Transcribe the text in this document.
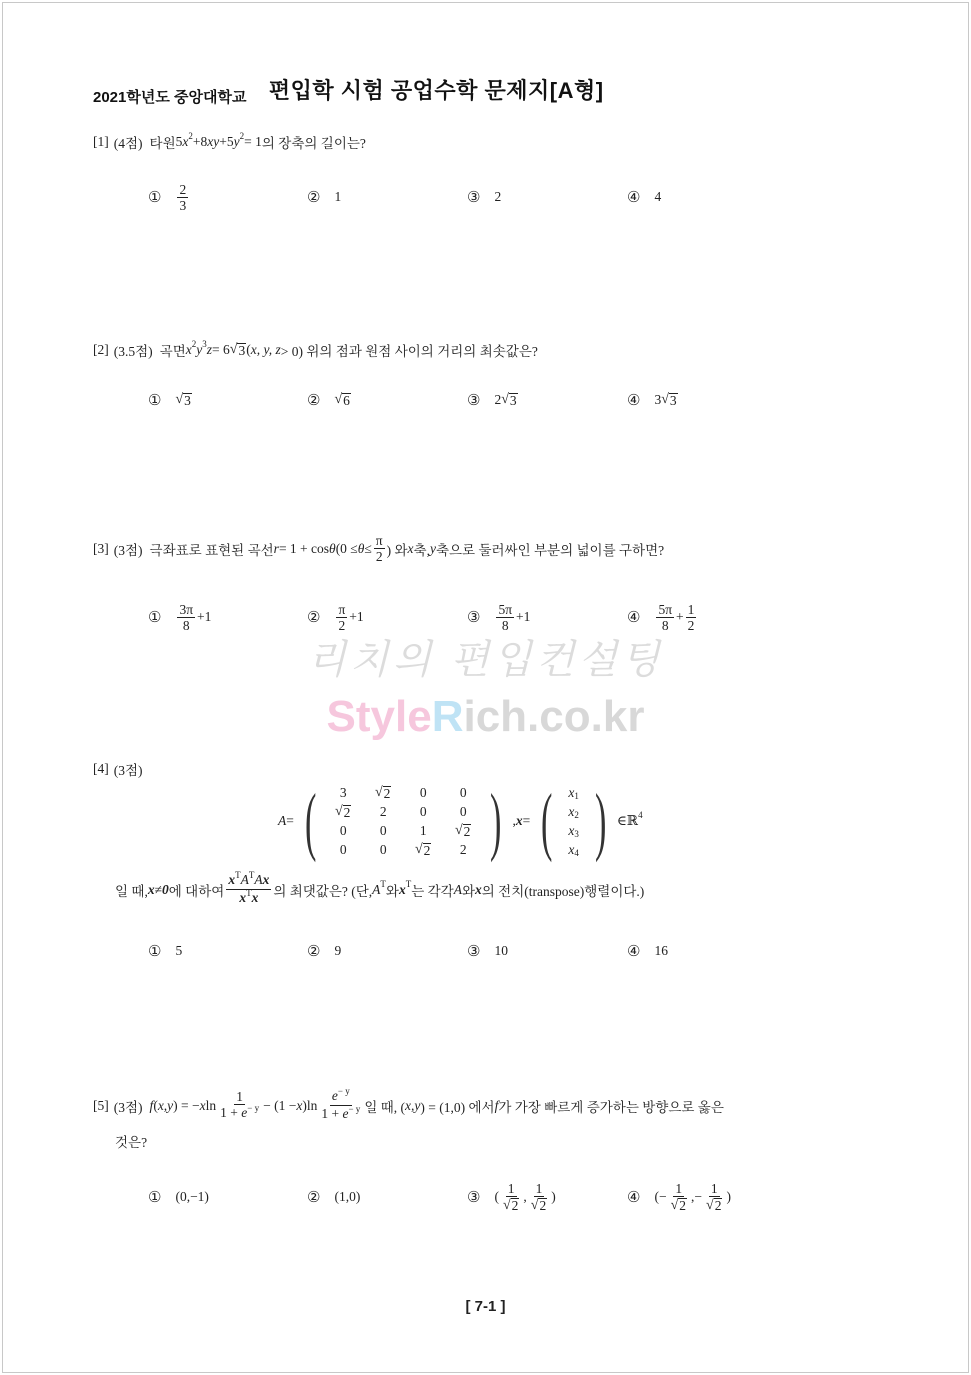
2021학년도 중앙대학교 편입학 시험 공업수학 문제지[A형]
[1] (4점) 타원 5 x 2 +8 xy +5 y 2 = 1 의 장축의 길이는?
① $\frac{2}{3}$	② 1	③ 2	④ 4
[2] (3.5점) 곡면 x 2 y 3 z = 6 √ 3 ( x, y, z > 0) 위의 점과 원점 사이의 거리의 최솟값은?
① √ 3	② √ 6	③ 2 √ 3	④ 3 √ 3
[3] (3점) 극좌표로 표현된 곡선 r = 1 + cos θ ($0 \le \theta \le \frac{\pi}{2}$ ) 와 x 축, y 축으로 둘러싸인 부분의 넓이를 구하면?
① $\frac{3\pi}{8} +1$	② $\frac{\pi}{2} +1$	③ $\frac{5\pi}{8} +1$	④ $\frac{5\pi}{8} + \frac{1}{2}$
리치의 편입컨설팅
StyleRich.co.kr
[4] (3점)
A = ( 3 √ 2 0 0
√ 2 2 0 0
0 0 1 √ 2
0 0 √ 2 2 ) , x = ( x 1
x 2
x 3
x 4 ) ∈ℝ 4
일 때, x ≠ 0 에 대하여 $\frac{x^TA^TAx}{x^Tx}$ 의 최댓값은? (단, A T 와 x T 는 각각 A 와 x 의 전치(transpose)행렬이다.)
① 5	② 9	③ 10	④ 16
[5] (3점) f ( x,y ) = − x $\ln \frac{1}{1 + e^{- y}} - (1 - x$ )$\ln \frac{e^{- y}}{1 + e^{- y}}$ 일 때, ( x,y ) = (1,0) 에서 f 가 가장 빠르게 증가하는 방향으로 옳은
것은?
① (0,−1)	② (1,0)	③ ( $\frac{1}{√ 2}$ , $\frac{1}{√ 2}$ )	④ (− $\frac{1}{√ 2}$ ,− $\frac{1}{√ 2}$ )
[ 7-1 ]
